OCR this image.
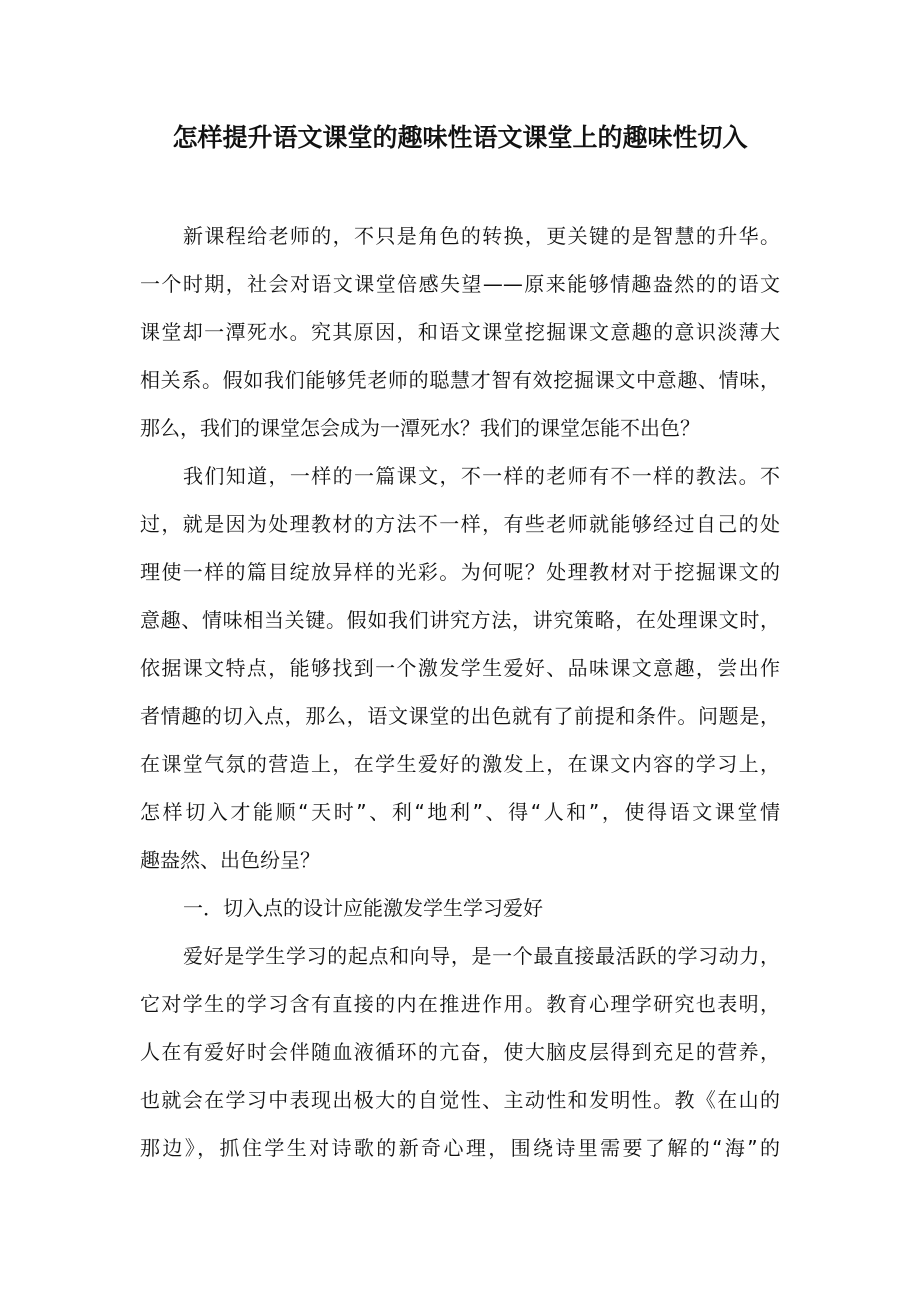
怎样提升语文课堂的趣味性语文课堂上的趣味性切入
新课程给老师的，不只是角色的转换，更关键的是智慧的升华。
一个时期，社会对语文课堂倍感失望——原来能够情趣盎然的的语文
课堂却一潭死水。究其原因，和语文课堂挖掘课文意趣的意识淡薄大
相关系。假如我们能够凭老师的聪慧才智有效挖掘课文中意趣、情味，
那么，我们的课堂怎会成为一潭死水？我们的课堂怎能不出色？
我们知道，一样的一篇课文，不一样的老师有不一样的教法。不
过，就是因为处理教材的方法不一样，有些老师就能够经过自己的处
理使一样的篇目绽放异样的光彩。为何呢？处理教材对于挖掘课文的
意趣、情味相当关键。假如我们讲究方法，讲究策略，在处理课文时，
依据课文特点，能够找到一个激发学生爱好、品味课文意趣，尝出作
者情趣的切入点，那么，语文课堂的出色就有了前提和条件。问题是，
在课堂气氛的营造上，在学生爱好的激发上，在课文内容的学习上，
怎样切入才能顺“天时”、利“地利”、得“人和”，使得语文课堂情
趣盎然、出色纷呈？
一．切入点的设计应能激发学生学习爱好
爱好是学生学习的起点和向导，是一个最直接最活跃的学习动力，
它对学生的学习含有直接的内在推进作用。教育心理学研究也表明，
人在有爱好时会伴随血液循环的亢奋，使大脑皮层得到充足的营养，
也就会在学习中表现出极大的自觉性、主动性和发明性。教《在山的
那边》，抓住学生对诗歌的新奇心理，围绕诗里需要了解的“海”的
